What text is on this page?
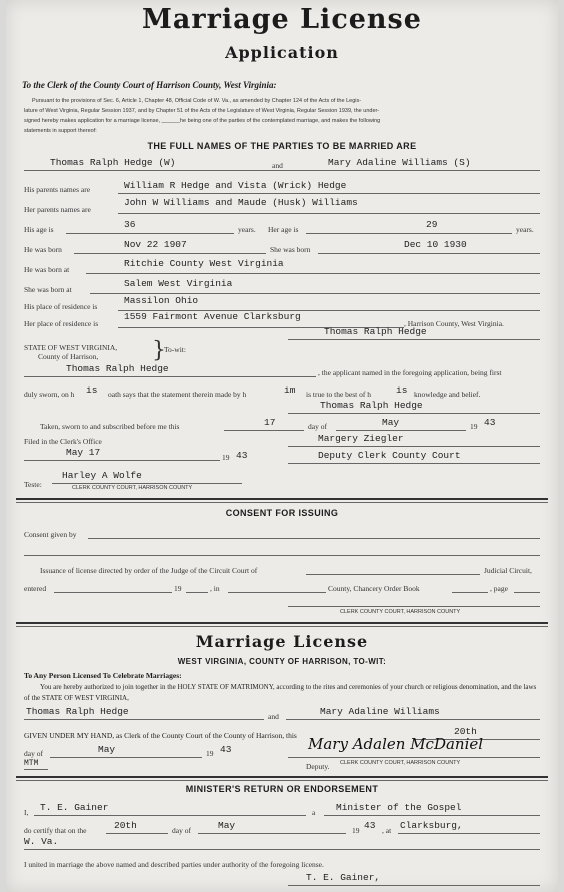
Marriage License
Application
To the Clerk of the County Court of Harrison County, West Virginia:
Pursuant to the provisions of Sec. 6, Article 1, Chapter 48, Official Code of W. Va., as amended by Chapter 124 of the Acts of the Legis-
lature of West Virginia, Regular Session 1937, and by Chapter 51 of the Acts of the Legislature of West Virginia, Regular Session 1939, the under-
signed hereby makes application for a marriage license, ______he being one of the parties of the contemplated marriage, and makes the following
statements in support thereof:
THE FULL NAMES OF THE PARTIES TO BE MARRIED ARE
Thomas Ralph Hedge (W)	and	Mary Adaline Williams (S)
His parents names are	William R Hedge and Vista (Wrick) Hedge
Her parents names are
John W Williams and Maude (Husk) Williams
His age is	36	years. Her age is	29	years.
He was born	Nov 22 1907	She was born	Dec 10 1930
He was born at
Ritchie County West Virginia
She was born at
Salem West Virginia
His place of residence is
Massilon Ohio
Her place of residence is
1559 Fairmont Avenue Clarksburg
, Harrison County, West Virginia.
Thomas Ralph Hedge
STATE OF WEST VIRGINIA,
County of Harrison, }
To-wit:
Thomas Ralph Hedge	, the applicant named in the foregoing application, being first
duly sworn, on h is oath says that the statement therein made by h	im is true to the best of h	is knowledge and belief.
Thomas Ralph Hedge
Taken, sworn to and subscribed before me this	17	day of	May	19 43
Filed in the Clerk's Office
May 17	19 43
Margery Ziegler
Deputy Clerk County Court
Teste:
Harley A Wolfe
CLERK COUNTY COURT, HARRISON COUNTY
CONSENT FOR ISSUING
Consent given by
Issuance of license directed by order of the Judge of the Circuit Court of	Judicial Circuit,
entered	19	, in	County, Chancery Order Book	, page
CLERK COUNTY COURT, HARRISON COUNTY
Marriage License
WEST VIRGINIA, COUNTY OF HARRISON, TO-WIT:
To Any Person Licensed To Celebrate Marriages:
You are hereby authorized to join together in the HOLY STATE OF MATRIMONY, according to the rites and ceremonies of your church or religious denomination, and the laws of the STATE OF WEST VIRGINIA,
Thomas Ralph Hedge	and	Mary Adaline Williams
GIVEN UNDER MY HAND, as Clerk of the County Court of the County of Harrison, this	20th
day of	May	19 43	Mary Adalen McDaniel
Deputy. CLERK COUNTY COURT, HARRISON COUNTY
MTM
MINISTER'S RETURN OR ENDORSEMENT
I, T. E. Gainer	a Minister of the Gospel
do certify that on the	20th	day of	May	19 43 , at Clarksburg,
W. Va.
I united in marriage the above named and described parties under authority of the foregoing license.
T. E. Gainer,
